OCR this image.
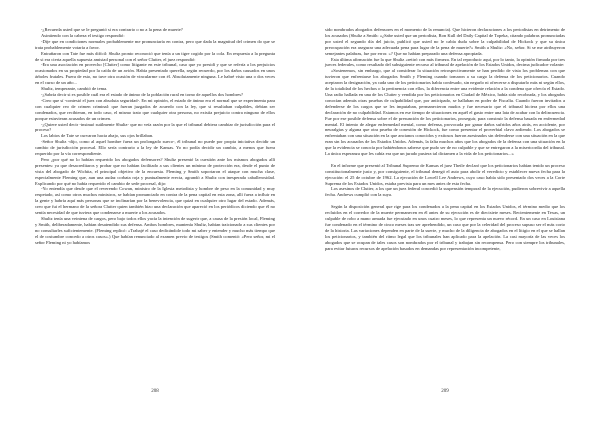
-¿Recuerda usted que se le preguntó si era contrario o no a la pena de muerte?

Asintiendo con la cabeza el testigo respondió:

-Dije que en condiciones normales probablemente me pronunciaría en contra, pero que dada la magnitud del crimen do que se trata probablemente votaría a favor.

Entrañaron con Tate fue más difícil: Shultz pronto reconoció que tenía a un tigre cogido por la cola. En respuesta a la pregunta de si era cierta aquella supuesta amistad personal con el señor Clutter, el juez respondió:

-Era una asociación en provecho [Clutter] como litigante en este tribunal, caso que yo presidí y que se refería a los perjuicios ocasionados en su propiedad por la caída de un avión. Había presentado querella, según recuerdo, por los daños causados en unos árboles frutales. Fuera de esto, no tuve otra ocasión de vincularme con él. Absolutamente ninguna. Le habré visto una o dos veces en el curso de un año...

Shultz, temperante, cambió de tema.

-¿Sabría decir si es posible cuál era el estado de ánimo de la población rural en torno de aquellos dos hombres?

-Creo que sí -contestó el juez con absoluta seguridad-. En mi opinión, el estado de ánimo era el normal que se experimenta para con cualquier reo de crimen criminal: que fueran juzgados de acuerdo con la ley, que si resultaban culpables, debían ser condenados, que recibieran, en todo caso, el mismo trato que cualquier otra persona, no existía prejuicio contra ninguno de ellos porque estuvieran acusados de un crimen.

-¿Quiere usted decir -insinuó sutilmente Shultz- que no veía razón por la que el tribunal debiera cambiar de jurisdicción para el proceso?

Los labios de Tate se curvaron hacia abajo, sus ojos brillaban.

-Señor Shultz -dijo, como al aquel hombre fuera un prolongado sueco-, él tribunal no puede por propia iniciativa decidir un cambio de jurisdicción procesal. Ello sería contrario a la ley de Kansas. Yo no podía decidir un cambio, a menos que fuera requerido por la vía correspondiente.

Pero ¿por qué no lo habían requerido los abogados defensores? Shultz presentó la cuestión ante los mismos abogados allí presentes: ya que desacreditaros y probar que no habían facilitado a sus clientes un mínimo de protección era, desde el punto de vista del abogado de Wichita, el principal objetivo de la encuesta. Fleming y Smith soportaron el ataque con mucha clase, especialmente Fleming que, aun una audaz corbata roja y puntualmente erecta, agrandó a Shultz con inesperada caballerosidad. Explicando por qué no había requerido el cambio de sede procesal, dijo:

-Yo entendía que desde que el reverendo Cowan, ministro de la Iglesia metodista y hombre de peso en la comunidad y muy respetado, así como otros muchos ministros, se habían pronunciado en contra de la pena capital en esta zona, allí fuera a influir en la gente y habría aquí más personas que se inclinarían por la benevolencia, que quizá en cualquier otro lugar del estado. Además, creo que fui el hermano de la señora Clutter quien también hizo una declaración que apareció en los periódicos diciendo que él no sentía necesidad de que tuviera que condenarse a muerte a los acusados.

Shultz tenía una veintena de cargos, pero bajo todos ellos yacía la intención de sugerir que, a causa de la presión local, Fleming y Smith, deliberadamente, habían desatendido sus defensa. Ambos hombres, mantenía Shultz, habían traicionado a sus clientes por no consultarles suficientemente. (Fleming replicó: «Trabajé el caso dedicándole todo mi saber y entender y mucho más tiempo que el de costumbre concedo a otros casos».) Que habían renunciado al examen previo de testigos (Smith comentó: «Pero señor, mi el señor Fleming ni yo habíamos

208

sido nombrados abogados defensores en el momento de la renuncia). Que hicieron declaraciones a los periodistas en detrimento de los acusados (Shultz a Smith: «¿Sabe usted que un periodista, Ron Kull del Daily Capital de Topeka, citando palabras pronunciadas por usted el segundo día del juicio, publicó que usted no le cabía duda sobre la culpabilidad de Hickock y que su única preocupación era asegurar una adecuada pena para lugar de la pena de muerte?» Smith a Shultz: «No, señor. Si se me atribuyeron semejantes palabras, fue por error. »? Que no habían preparado una defensa apropiada.

Esta última afirmación fue la que Shultz «retiró con más firmeza. En tal reproducir aquí, por lo tanto, la opinión firmada por tres jueces federales, como resultado del subsiguiente recurso al tribunal de apelación de los Estados Unidos, decima judicadoe volante:

«Sostenemos, sin embargo, que al considerar la situación retrospectivamente se han perdido de vista los problemas con que tuvieron que enfrentarse los abogados Smith y Fleming cuando tomaron a su cargo la defensa de los peticionarios. Cuando aceptaron la designación, ya cada uno de los peticionarios había confesado, sin negarlo ni ofrecerse a disputarlo más ni según ellos, de la totalidad de los hechos o la pertinencia con ellos, la diferencia entre una evidente relación a la condena que ofrecía el Estado. Una radio hallada en una de los Clutter y vendida por los peticionarios en Ciudad de México, había sido recobrada, y los abogados conocían además otras pruebas de culpabilidad que, por anticipado, se hallaban en poder de Fiscalía. Cuando fueron invitados a defenderse de los cargos que se les imputaban, permanecieron mudos y fue necesario que el tribunal hiciera por ellos una declaración de no culpabilidad. Estamos en ese tiempo de situaciones en aquél el gasto entre una lata de acabar con la delincuencia. Fue por ese posible defensa sobre el de presunción de los peticionarios, proseguir, para construir la defensa basada en enfermedad mental. El intento de alegar enfermedad mental, como defensa, provocada por ganar daños sufridos años atrás, en accidente, por neuralgias y alguna que otra prueba de conexión de Hickock, fue como presentar el proverbial clavo ardiendo. Los abogados se enfrentaban con una situación en la que ancianos conocidos y exitosos fueron asesinados sin defenderse con una situación en la que eran sin los acusados de los Estados Unidos. Además, la falta muchos años que los abogados de la defensa con una situación en la que la evidencia se conocía por habiéndonos saberse que pudo ser de no culpable y que se entregaron a la misericordia del tribunal. La única esperanza que les cabía era que un jurado pusiera tal dictamen a la vida de los peticionarios...»

En el informe que presentó al Tribunal Supremo de Kansas el juez Theile declaró que los peticionarios habían tenido un proceso constitucionalmente justo y, por consiguiente, el tribunal denegó el auto para abolir el veredicto y establecer nueva fecha para la ejecución: el 25 de octubre de 1962. La ejecución de Lowell Lee Andrews, cuyo caso había sido presentado dos veces a la Corte Suprema de los Estados Unidos, estaba prevista para un mes antes de esta fecha.

Los asesinos de Clutter, a los que un juez federal concedió la suspensión temporal de la ejecución, pudieron sobrevivir a aquella fecha. Andrews cumplió con la suya.

Según la disposición general que rige para los condenados a la pena capital en los Estados Unidos, el término medio que los recluidos en el corredor de la muerte permanecen en él antes de su ejecución es de diecisiete meses. Recientemente en Texas, un culpable de robo a mano armada fue ejecutado en unos cuatro meses, lo que representa un nuevo récord. En un caso en Louisiana fue condenado en el término de cinco meses tras ser aprehendido, un caso que por la celeridad del proceso supuso ser el más corto de la historia. Las variaciones dependen en parte de la suerte, y mucho de la diligencia de abogados en el litigio en el que se hallan los peticionarios, y también del ritmo legal que los tribunales han aplicado para la apelación. La casi mayoría de las veces los abogados que se ocupan de tales casos son nombrados por el tribunal y trabajan sin recompensa. Pero con siempre los tribunales, para evitar futuros recursos de apelación basados en demandas por representación incompetente,

209
